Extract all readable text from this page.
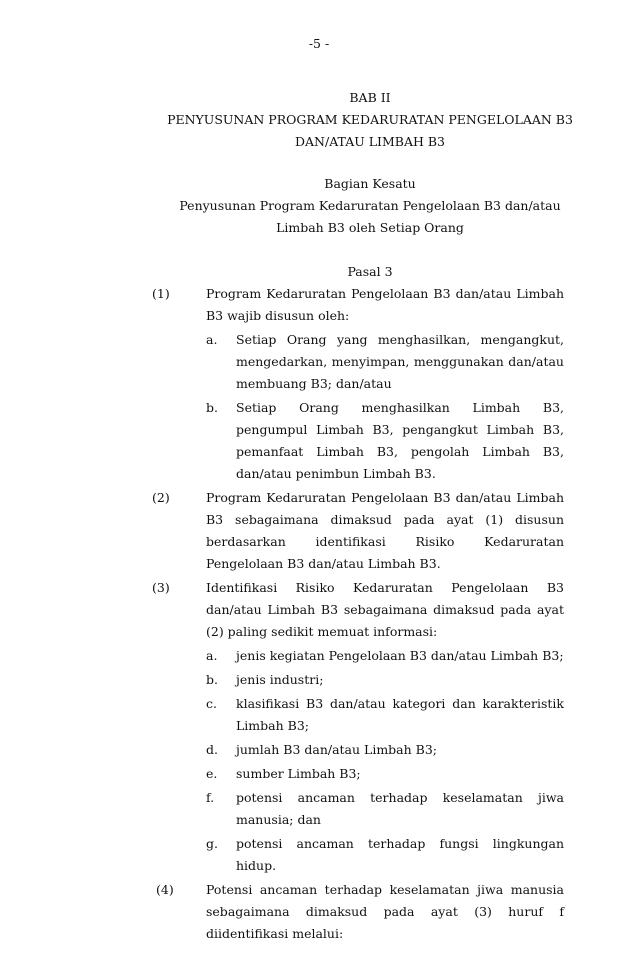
-5 -
BAB II
PENYUSUNAN PROGRAM KEDARURATAN PENGELOLAAN B3
DAN/ATAU LIMBAH B3
Bagian Kesatu
Penyusunan Program Kedaruratan Pengelolaan B3 dan/atau
Limbah B3 oleh Setiap Orang
Pasal 3
(1)	Program Kedaruratan Pengelolaan B3 dan/atau Limbah B3 wajib disusun oleh:
a.	Setiap Orang yang menghasilkan, mengangkut, mengedarkan, menyimpan, menggunakan dan/atau membuang B3; dan/atau
b.	Setiap Orang menghasilkan Limbah B3, pengumpul Limbah B3, pengangkut Limbah B3, pemanfaat Limbah B3, pengolah Limbah B3, dan/atau penimbun Limbah B3.
(2)	Program Kedaruratan Pengelolaan B3 dan/atau Limbah B3 sebagaimana dimaksud pada ayat (1) disusun berdasarkan identifikasi Risiko Kedaruratan Pengelolaan B3 dan/atau Limbah B3.
(3)	Identifikasi Risiko Kedaruratan Pengelolaan B3 dan/atau Limbah B3 sebagaimana dimaksud pada ayat (2) paling sedikit memuat informasi:
a.	jenis kegiatan Pengelolaan B3 dan/atau Limbah B3;
b.	jenis industri;
c.	klasifikasi B3 dan/atau kategori dan karakteristik Limbah B3;
d.	jumlah B3 dan/atau Limbah B3;
e.	sumber Limbah B3;
f.	potensi ancaman terhadap keselamatan jiwa manusia; dan
g.	potensi ancaman terhadap fungsi lingkungan hidup.
(4)	Potensi ancaman terhadap keselamatan jiwa manusia sebagaimana dimaksud pada ayat (3) huruf f diidentifikasi melalui:
